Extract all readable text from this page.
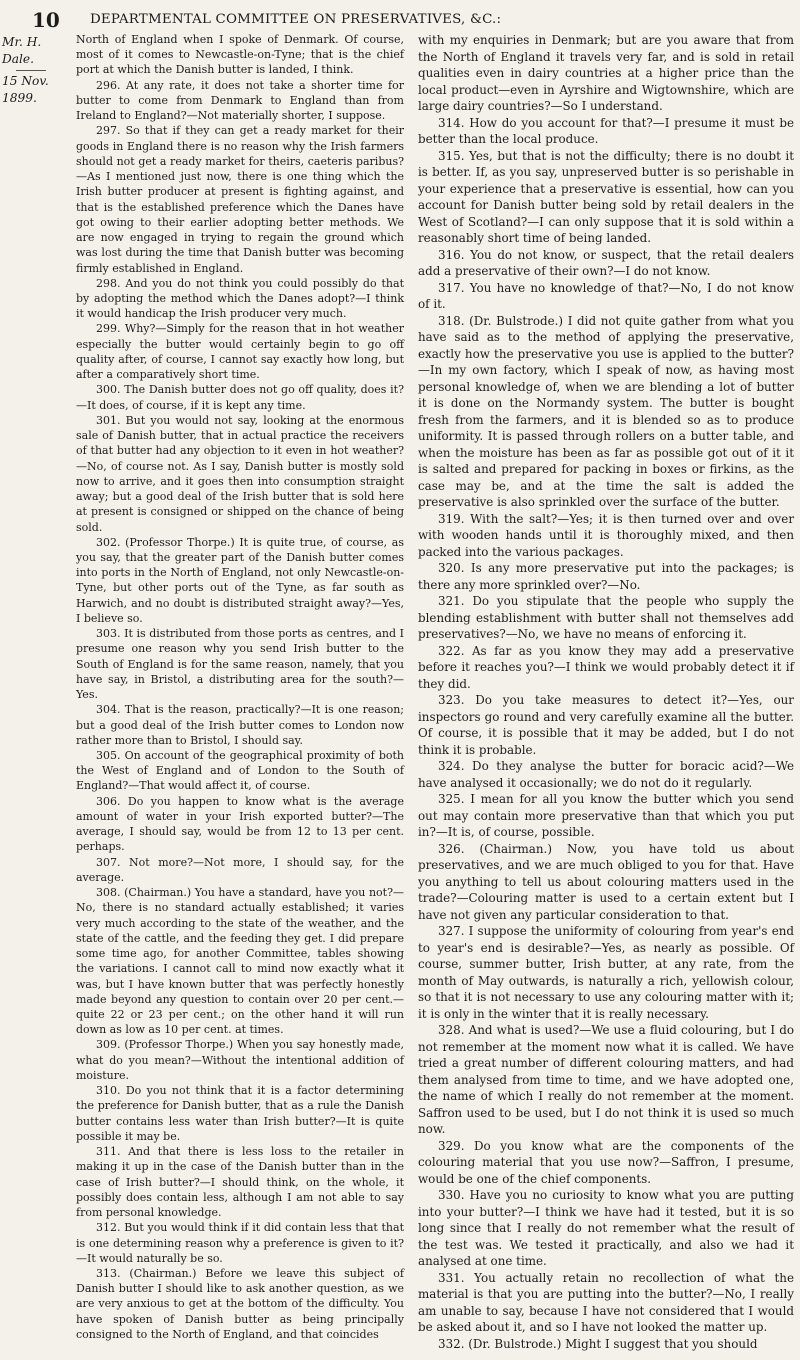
10 DEPARTMENTAL COMMITTEE ON PRESERVATIVES, &C.:
Mr. H. Dale.
15 Nov. 1899.

North of England when I spoke of Denmark. Of course, most of it comes to Newcastle-on-Tyne; that is the chief port at which the Danish butter is landed, I think.

296. At any rate, it does not take a shorter time for butter to come from Denmark to England than from Ireland to England?—Not materially shorter, I suppose.

297. So that if they can get a ready market for their goods in England there is no reason why the Irish farmers should not get a ready market for theirs, caeteris paribus?—As I mentioned just now, there is one thing which the Irish butter producer at present is fighting against, and that is the established preference which the Danes have got owing to their earlier adopting better methods. We are now engaged in trying to regain the ground which was lost during the time that Danish butter was becoming firmly established in England.

298. And you do not think you could possibly do that by adopting the method which the Danes adopt?—I think it would handicap the Irish producer very much.

299. Why?—Simply for the reason that in hot weather especially the butter would certainly begin to go off quality after, of course, I cannot say exactly how long, but after a comparatively short time.

300. The Danish butter does not go off quality, does it?—It does, of course, if it is kept any time.

301. But you would not say, looking at the enormous sale of Danish butter, that in actual practice the receivers of that butter had any objection to it even in hot weather?—No, of course not. As I say, Danish butter is mostly sold now to arrive, and it goes then into consumption straight away; but a good deal of the Irish butter that is sold here at present is consigned or shipped on the chance of being sold.

302. (Professor Thorpe.) It is quite true, of course, as you say, that the greater part of the Danish butter comes into ports in the North of England, not only Newcastle-on-Tyne, but other ports out of the Tyne, as far south as Harwich, and no doubt is distributed straight away?—Yes, I believe so.

303. It is distributed from those ports as centres, and I presume one reason why you send Irish butter to the South of England is for the same reason, namely, that you have say, in Bristol, a distributing area for the south?—Yes.

304. That is the reason, practically?—It is one reason; but a good deal of the Irish butter comes to London now rather more than to Bristol, I should say.

305. On account of the geographical proximity of both the West of England and of London to the South of England?—That would affect it, of course.

306. Do you happen to know what is the average amount of water in your Irish exported butter?—The average, I should say, would be from 12 to 13 per cent. perhaps.

307. Not more?—Not more, I should say, for the average.

308. (Chairman.) You have a standard, have you not?—No, there is no standard actually established; it varies very much according to the state of the weather, and the state of the cattle, and the feeding they get. I did prepare some time ago, for another Committee, tables showing the variations. I cannot call to mind now exactly what it was, but I have known butter that was perfectly honestly made beyond any question to contain over 20 per cent.—quite 22 or 23 per cent.; on the other hand it will run down as low as 10 per cent. at times.

309. (Professor Thorpe.) When you say honestly made, what do you mean?—Without the intentional addition of moisture.

310. Do you not think that it is a factor determining the preference for Danish butter, that as a rule the Danish butter contains less water than Irish butter?—It is quite possible it may be.

311. And that there is less loss to the retailer in making it up in the case of the Danish butter than in the case of Irish butter?—I should think, on the whole, it possibly does contain less, although I am not able to say from personal knowledge.

312. But you would think if it did contain less that that is one determining reason why a preference is given to it?—It would naturally be so.

313. (Chairman.) Before we leave this subject of Danish butter I should like to ask another question, as we are very anxious to get at the bottom of the difficulty. You have spoken of Danish butter as being principally consigned to the North of England, and that coincides

with my enquiries in Denmark; but are you aware that from the North of England it travels very far, and is sold in retail qualities even in dairy countries at a higher price than the local product—even in Ayrshire and Wigtownshire, which are large dairy countries?—So I understand.

314. How do you account for that?—I presume it must be better than the local produce.

315. Yes, but that is not the difficulty; there is no doubt it is better. If, as you say, unpreserved butter is so perishable in your experience that a preservative is essential, how can you account for Danish butter being sold by retail dealers in the West of Scotland?—I can only suppose that it is sold within a reasonably short time of being landed.

316. You do not know, or suspect, that the retail dealers add a preservative of their own?—I do not know.

317. You have no knowledge of that?—No, I do not know of it.

318. (Dr. Bulstrode.) I did not quite gather from what you have said as to the method of applying the preservative, exactly how the preservative you use is applied to the butter?—In my own factory, which I speak of now, as having most personal knowledge of, when we are blending a lot of butter it is done on the Normandy system. The butter is bought fresh from the farmers, and it is blended so as to produce uniformity. It is passed through rollers on a butter table, and when the moisture has been as far as possible got out of it it is salted and prepared for packing in boxes or firkins, as the case may be, and at the time the salt is added the preservative is also sprinkled over the surface of the butter.

319. With the salt?—Yes; it is then turned over and over with wooden hands until it is thoroughly mixed, and then packed into the various packages.

320. Is any more preservative put into the packages; is there any more sprinkled over?—No.

321. Do you stipulate that the people who supply the blending establishment with butter shall not themselves add preservatives?—No, we have no means of enforcing it.

322. As far as you know they may add a preservative before it reaches you?—I think we would probably detect it if they did.

323. Do you take measures to detect it?—Yes, our inspectors go round and very carefully examine all the butter. Of course, it is possible that it may be added, but I do not think it is probable.

324. Do they analyse the butter for boracic acid?—We have analysed it occasionally; we do not do it regularly.

325. I mean for all you know the butter which you send out may contain more preservative than that which you put in?—It is, of course, possible.

326. (Chairman.) Now, you have told us about preservatives, and we are much obliged to you for that. Have you anything to tell us about colouring matters used in the trade?—Colouring matter is used to a certain extent but I have not given any particular consideration to that.

327. I suppose the uniformity of colouring from year's end to year's end is desirable?—Yes, as nearly as possible. Of course, summer butter, Irish butter, at any rate, from the month of May outwards, is naturally a rich, yellowish colour, so that it is not necessary to use any colouring matter with it; it is only in the winter that it is really necessary.

328. And what is used?—We use a fluid colouring, but I do not remember at the moment now what it is called. We have tried a great number of different colouring matters, and had them analysed from time to time, and we have adopted one, the name of which I really do not remember at the moment. Saffron used to be used, but I do not think it is used so much now.

329. Do you know what are the components of the colouring material that you use now?—Saffron, I presume, would be one of the chief components.

330. Have you no curiosity to know what you are putting into your butter?—I think we have had it tested, but it is so long since that I really do not remember what the result of the test was. We tested it practically, and also we had it analysed at one time.

331. You actually retain no recollection of what the material is that you are putting into the butter?—No, I really am unable to say, because I have not considered that I would be asked about it, and so I have not looked the matter up.

332. (Dr. Bulstrode.) Might I suggest that you should
